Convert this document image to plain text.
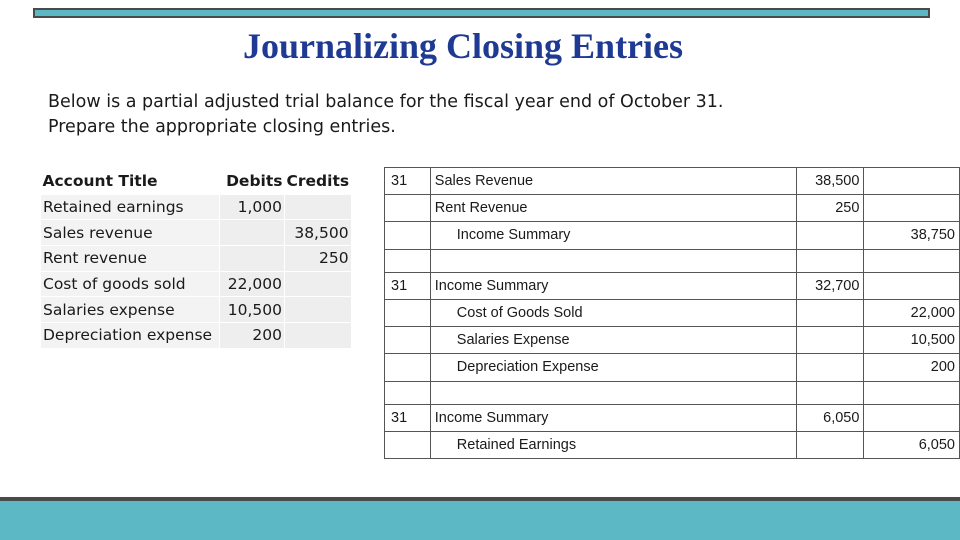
Journalizing Closing Entries

Below is a partial adjusted trial balance for the fiscal year end of October 31.
Prepare the appropriate closing entries.

Account Title	Debits	Credits
Retained earnings	1,000	
Sales revenue		38,500
Rent revenue		250
Cost of goods sold	22,000	
Salaries expense	10,500	
Depreciation expense	200	
31	Sales Revenue	38,500	
	Rent Revenue	250	
	Income Summary		38,750

31	Income Summary	32,700	
	Cost of Goods Sold		22,000
	Salaries Expense		10,500
	Depreciation Expense		200

31	Income Summary	6,050	
	Retained Earnings		6,050
